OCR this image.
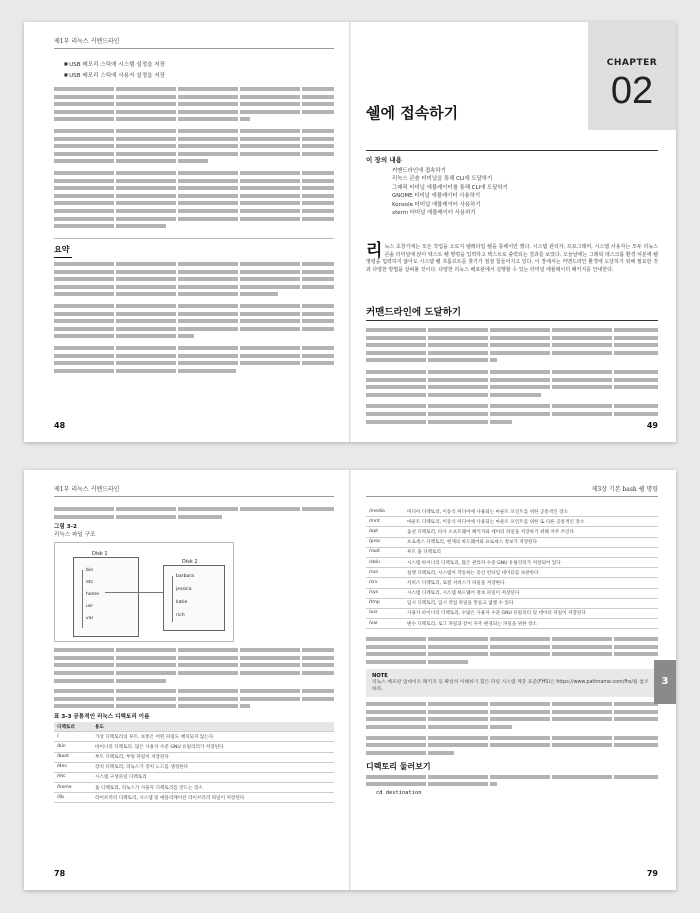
제1부 리눅스 커맨드라인
■ USB 메모리 스틱에 시스템 설정을 저장
■ USB 메모리 스틱에 사용자 설정을 저장
요약
48
CHAPTER
02
쉘에 접속하기
이 장의 내용
커맨드라인에 접속하기
리눅스 콘솔 터미널을 통해 CLI에 도달하기
그래픽 터미널 에뮬레이터를 통해 CLI에 도달하기
GNOME 터미널 에뮬레이터 사용하기
Konsole 터미널 에뮬레이터 사용하기
xterm 터미널 에뮬레이터 사용하기
리 눅스 초창기에는 모든 작업을 오로지 텔레타입 쉘을 통해서만 했다. 시스템 관리자, 프로그래머, 시스템 사용자는 모두 리눅스 콘솔 터미널에 앉아 텍스트 쉘 명령을 입력하고 텍스트로 출력되는 결과를 보았다. 오늘날에는 그래픽 데스크톱 환경 덕분에 쉘 명령을 입력하지 않아도 시스템 쉘 프롬프트를 찾기가 점점 힘들어지고 있다. 이 장에서는 커맨드라인 환경에 도달하기 위해 필요한 것과 다양한 방법을 살펴볼 것이다. 다양한 리눅스 배포판에서 실행할 수 있는 터미널 에뮬레이터 패키지를 안내한다.

커맨드라인에 도달하기
49
제1부 리눅스 커맨드라인
그림 3-2
리눅스 파일 구조
Disk 1
bin
etc
home
usr
var
Disk 2
barbara
jessica
katie
rich
표 3-3 공통적인 리눅스 디렉토리 이름
디렉토리	용도
/	가상 디렉토리의 루트, 보통은 어떤 파일도 배치되지 않는다
/bin	바이너리 디렉토리. 많은 사용자 수준 GNU 유틸리티가 저장된다
/boot	부트 디렉토리, 부팅 파일이 저장된다
/dev	장치 디렉토리, 리눅스가 장치 노드를 생성한다
/etc	시스템 구성파일 디렉토리
/home	홈 디렉토리, 리눅스가 사용자 디렉토리를 만드는 장소
/lib	라이브러리 디렉토리, 시스템 및 애플리케이션 라이브러리 파일이 저장된다
78
제3장 기본 bash 쉘 명령
/media	미디어 디렉토리, 이동식 미디어에 사용되는 마운트 포인트를 위한 공통적인 장소
/mnt	마운트 디렉토리, 이동식 미디어에 사용되는 마운트 포인트를 위한 또 다른 공통적인 장소
/opt	옵션 디렉토리, 타사 소프트웨어 패키지와 데이터 파일을 저장하기 위해 자주 쓰인다
/proc	프로세스 디렉토리, 현재의 하드웨어와 프로세스 정보가 저장된다
/root	루트 홈 디렉토리
/sbin	시스템 바이너리 디렉토리, 많은 관리자 수준 GNU 유틸리티가 저장되어 있다
/run	실행 디렉토리, 시스템이 작동하는 동안 런타임 데이터를 보관한다
/srv	서비스 디렉토리, 로컬 서비스가 파일을 저장한다
/sys	시스템 디렉토리, 시스템 하드웨어 정보 파일이 저장된다
/tmp	임시 디렉토리, 임시 작업 파일을 만들고 없앨 수 있다
/usr	사용자 바이너리 디렉토리, 수많은 사용자 수준 GNU 유틸리티 및 데이터 파일이 저장된다
/var	변수 디렉토리, 로그 파일과 같이 자주 변경되는 파일을 위한 장소
NOTE
리눅스 배포판 업데이트 패키지 등 확실히 이해하기 힘든 파일 시스템 계층 표준(FHS)은 https://www.pathname.com/fhs/를 참조하라.
디렉토리 둘러보기
cd destination
3
79
